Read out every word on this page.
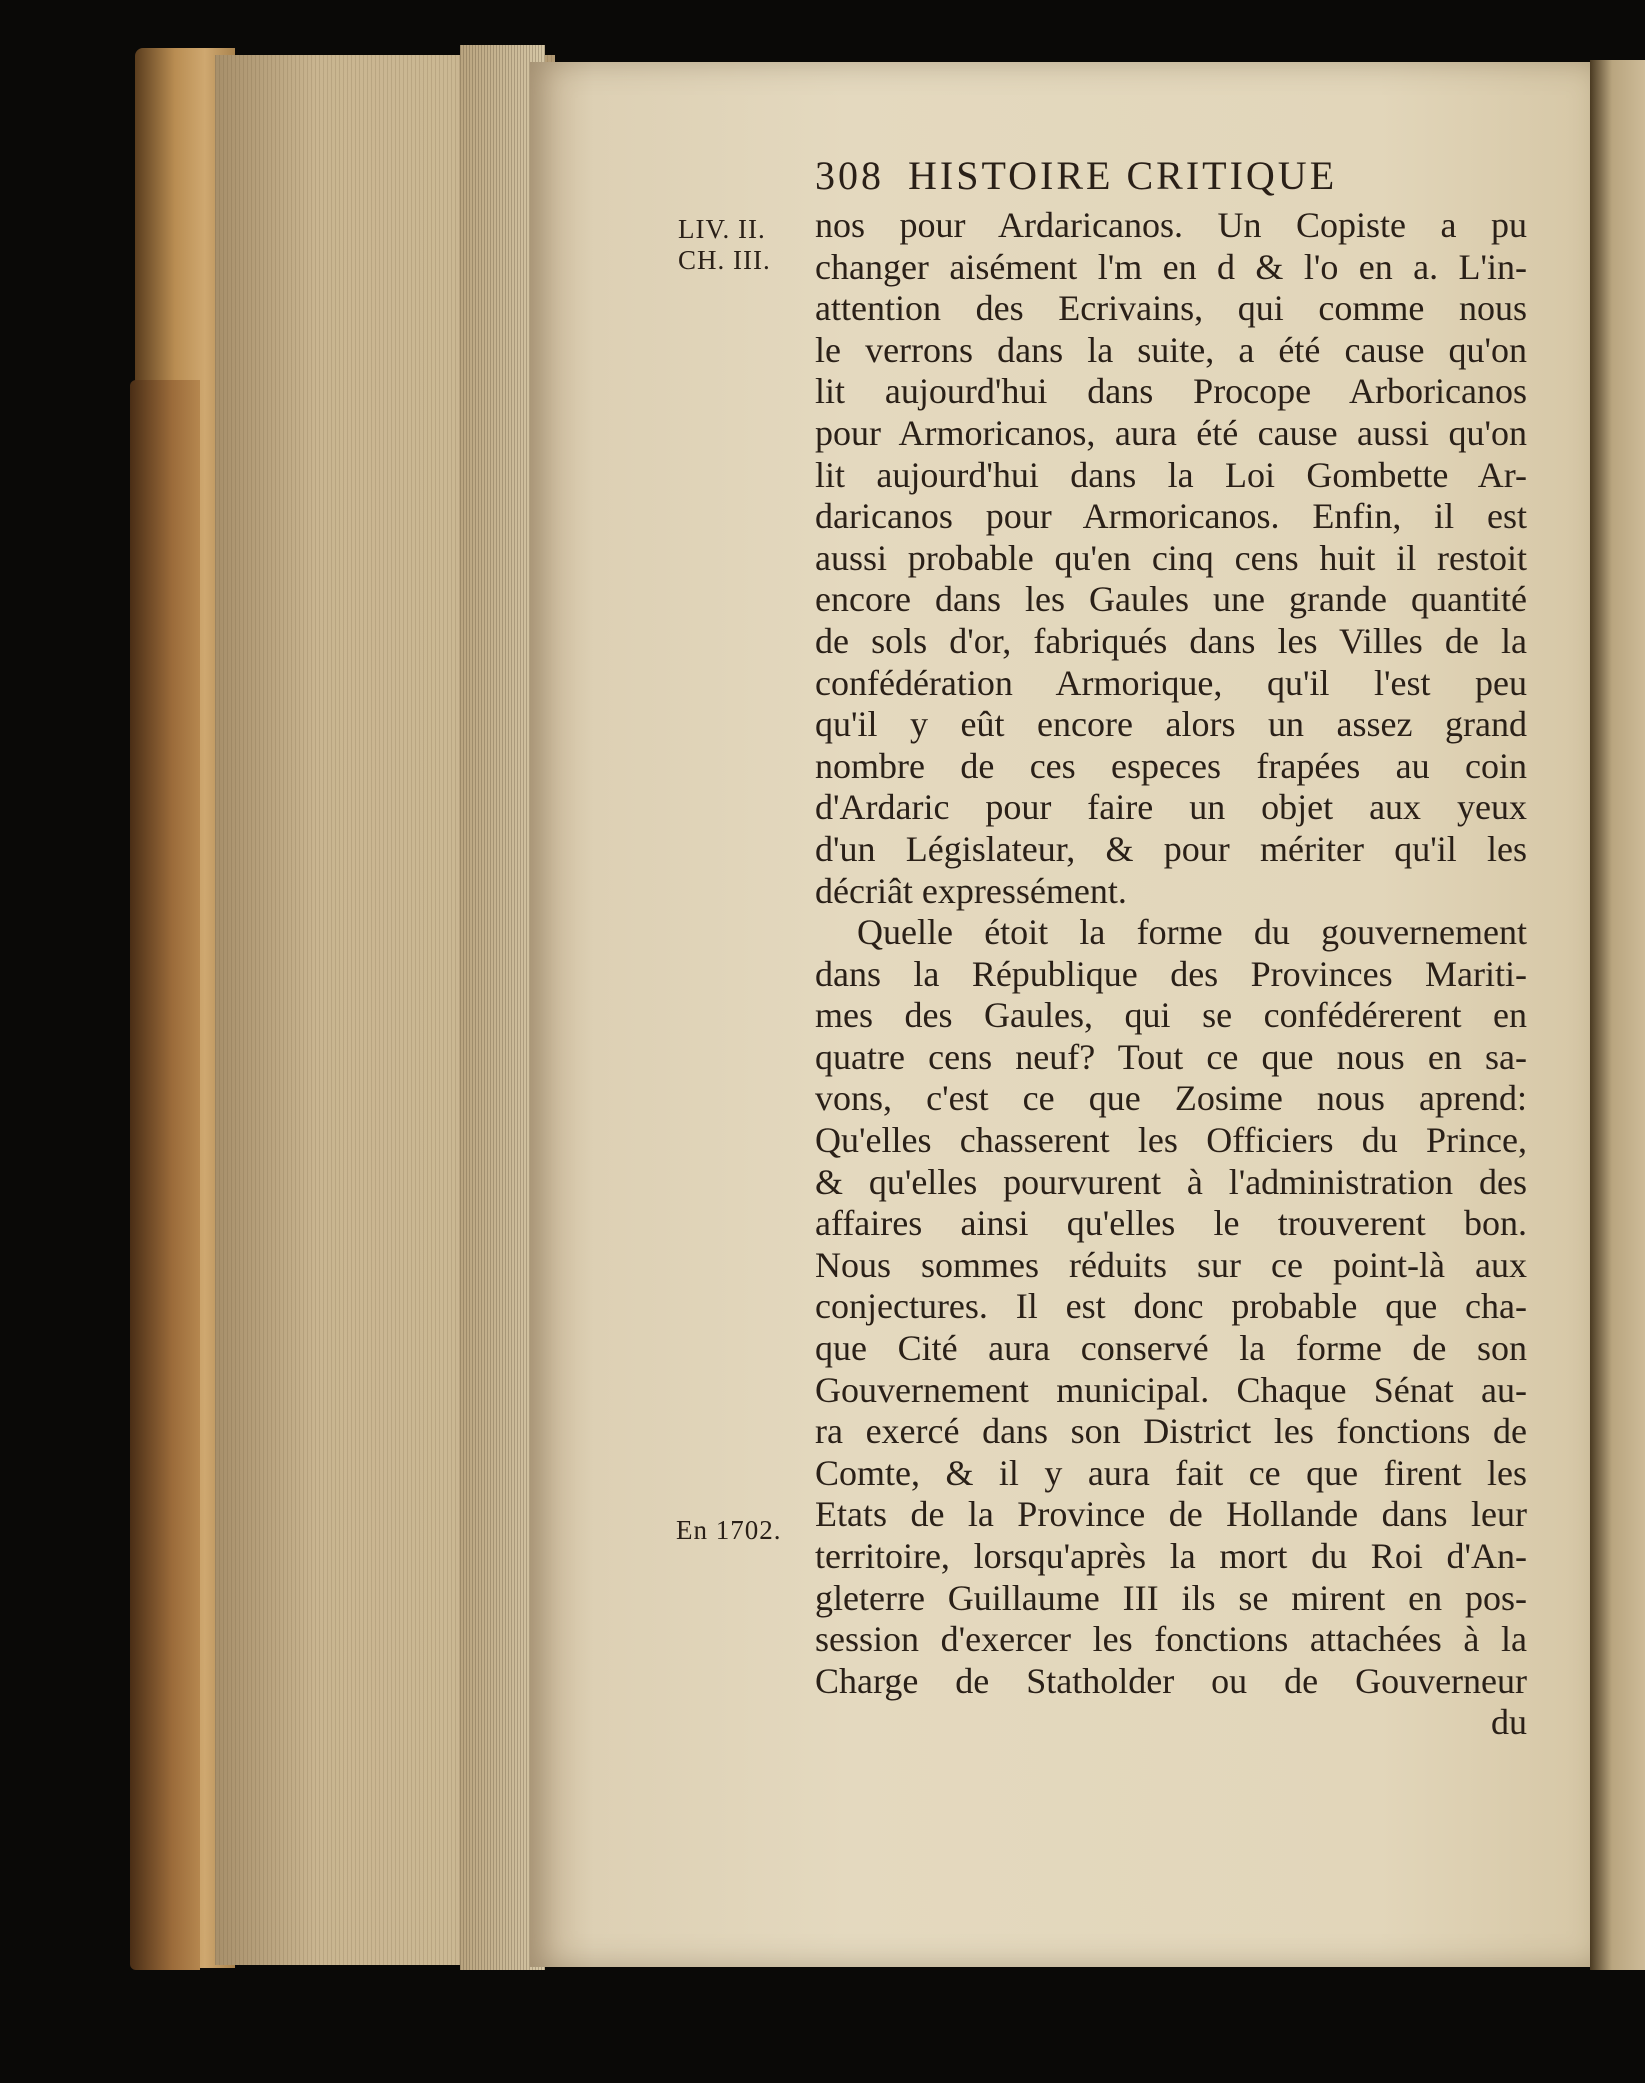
308 HISTOIRE CRITIQUE
LIV. II.
CH. III.
En 1702.
nos pour Ardaricanos. Un Copiste a pu
changer aisément l'm en d & l'o en a. L'in-
attention des Ecrivains, qui comme nous
le verrons dans la suite, a été cause qu'on
lit aujourd'hui dans Procope Arboricanos
pour Armoricanos, aura été cause aussi qu'on
lit aujourd'hui dans la Loi Gombette Ar-
daricanos pour Armoricanos. Enfin, il est
aussi probable qu'en cinq cens huit il restoit
encore dans les Gaules une grande quantité
de sols d'or, fabriqués dans les Villes de la
confédération Armorique, qu'il l'est peu
qu'il y eût encore alors un assez grand
nombre de ces especes frapées au coin
d'Ardaric pour faire un objet aux yeux
d'un Législateur, & pour mériter qu'il les
décriât expressément.
Quelle étoit la forme du gouvernement
dans la République des Provinces Mariti-
mes des Gaules, qui se confédérerent en
quatre cens neuf? Tout ce que nous en sa-
vons, c'est ce que Zosime nous aprend:
Qu'elles chasserent les Officiers du Prince,
& qu'elles pourvurent à l'administration des
affaires ainsi qu'elles le trouverent bon.
Nous sommes réduits sur ce point-là aux
conjectures. Il est donc probable que cha-
que Cité aura conservé la forme de son
Gouvernement municipal. Chaque Sénat au-
ra exercé dans son District les fonctions de
Comte, & il y aura fait ce que firent les
Etats de la Province de Hollande dans leur
territoire, lorsqu'après la mort du Roi d'An-
gleterre Guillaume III ils se mirent en pos-
session d'exercer les fonctions attachées à la
Charge de Statholder ou de Gouverneur
du
